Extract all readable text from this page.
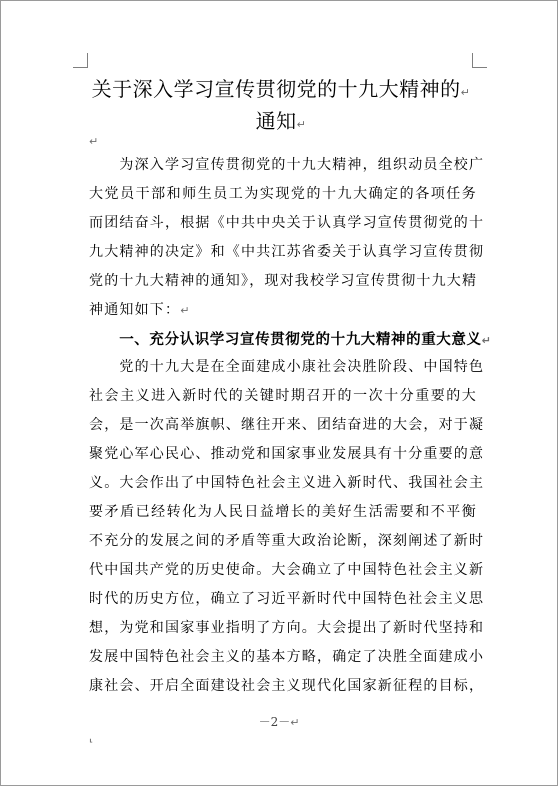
关于深入学习宣传贯彻党的十九大精神的↵
通知↵
↵
　　为深入学习宣传贯彻党的十九大精神，组织动员全校广
大党员干部和师生员工为实现党的十九大确定的各项任务
而团结奋斗，根据《中共中央关于认真学习宣传贯彻党的十
九大精神的决定》和《中共江苏省委关于认真学习宣传贯彻
党的十九大精神的通知》，现对我校学习宣传贯彻十九大精
神通知如下：↵
　　一、充分认识学习宣传贯彻党的十九大精神的重大意义↵
　　党的十九大是在全面建成小康社会决胜阶段、中国特色
社会主义进入新时代的关键时期召开的一次十分重要的大
会，是一次高举旗帜、继往开来、团结奋进的大会，对于凝
聚党心军心民心、推动党和国家事业发展具有十分重要的意
义。大会作出了中国特色社会主义进入新时代、我国社会主
要矛盾已经转化为人民日益增长的美好生活需要和不平衡
不充分的发展之间的矛盾等重大政治论断，深刻阐述了新时
代中国共产党的历史使命。大会确立了中国特色社会主义新
时代的历史方位，确立了习近平新时代中国特色社会主义思
想，为党和国家事业指明了方向。大会提出了新时代坚持和
发展中国特色社会主义的基本方略，确定了决胜全面建成小
康社会、开启全面建设社会主义现代化国家新征程的目标，
－2－↵
⸤
